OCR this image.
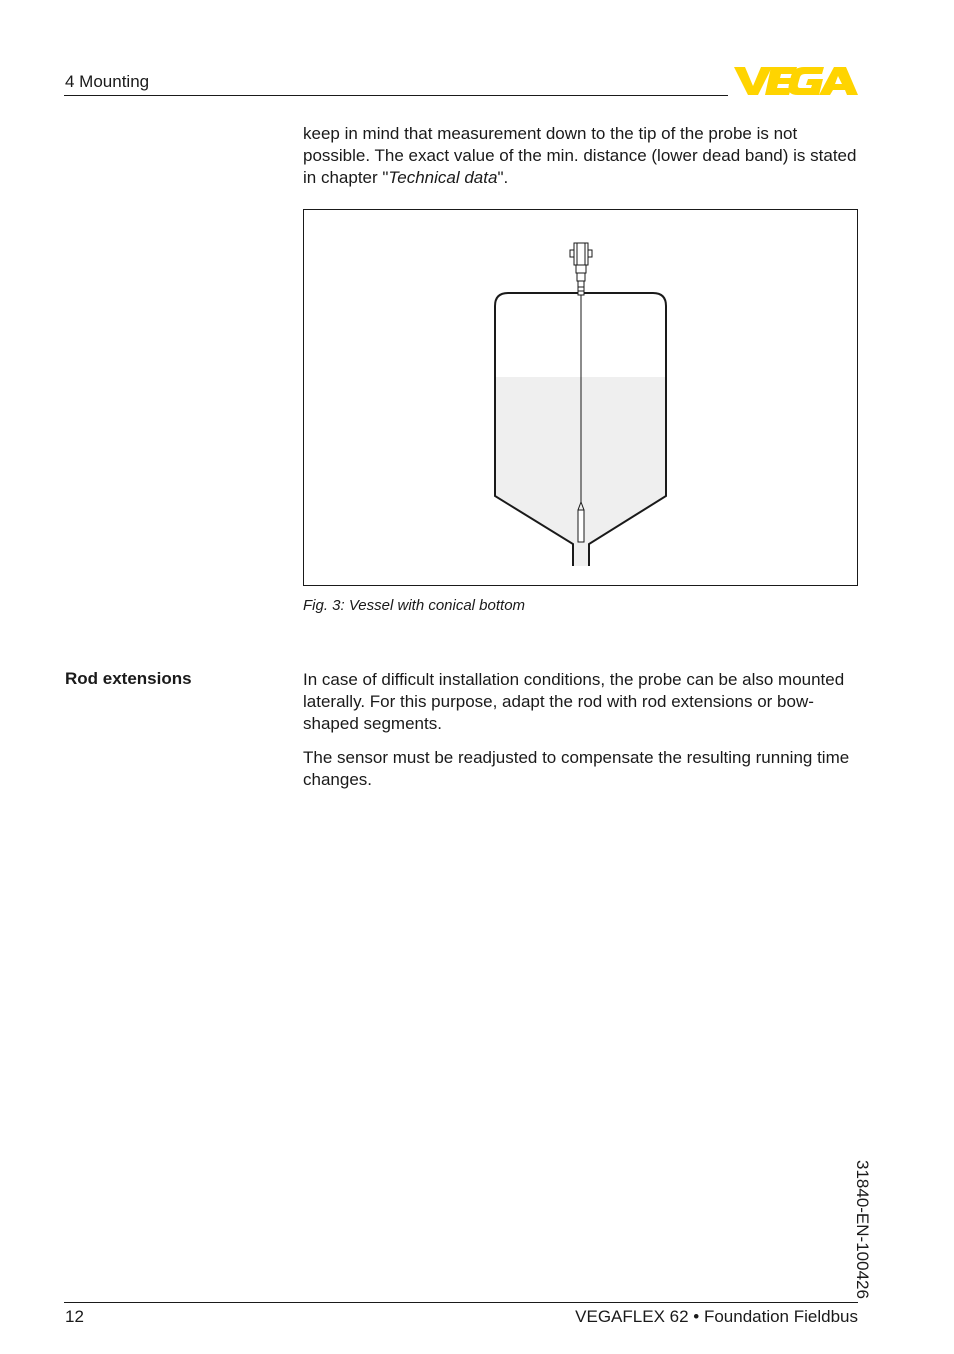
4 Mounting
keep in mind that measurement down to the tip of the probe is not possible. The exact value of the min. distance (lower dead band) is stated in chapter "Technical data".
Fig. 3: Vessel with conical bottom
Rod extensions	In case of difficult installation conditions, the probe can be also mounted laterally. For this purpose, adapt the rod with rod extensions or bow-shaped segments.
The sensor must be readjusted to compensate the resulting running time changes.
31840-EN-100426
12	VEGAFLEX 62 • Foundation Fieldbus
